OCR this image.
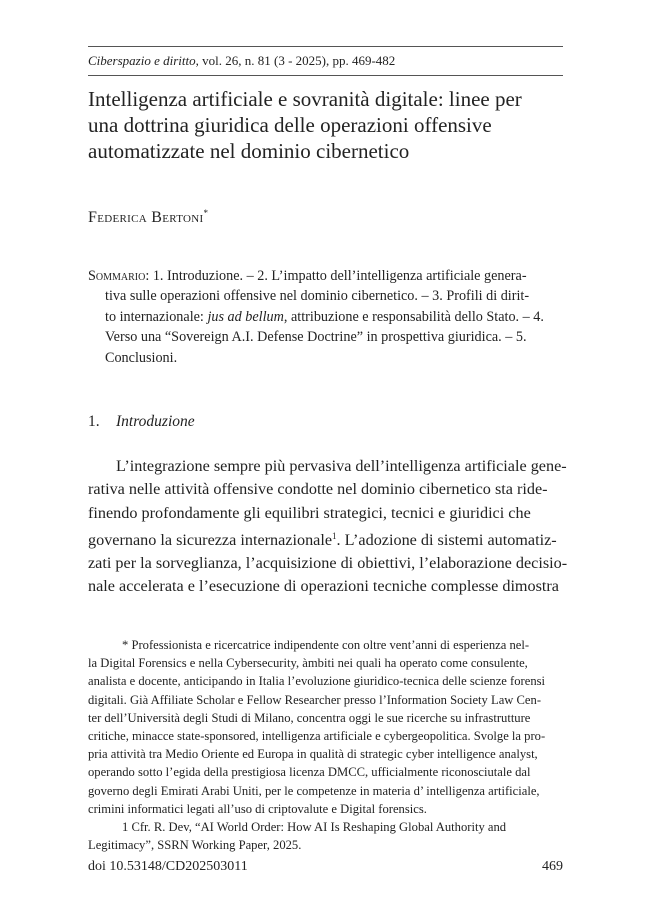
Ciberspazio e diritto, vol. 26, n. 81 (3 - 2025), pp. 469-482
Intelligenza artificiale e sovranità digitale: linee per
una dottrina giuridica delle operazioni offensive
automatizzate nel dominio cibernetico
Federica Bertoni*
Sommario: 1. Introduzione. – 2. L’impatto dell’intelligenza artificiale genera-
tiva sulle operazioni offensive nel dominio cibernetico. – 3. Profili di dirit-
to internazionale: jus ad bellum, attribuzione e responsabilità dello Stato. – 4.
Verso una “Sovereign A.I. Defense Doctrine” in prospettiva giuridica. – 5.
Conclusioni.
1. Introduzione
L’integrazione sempre più pervasiva dell’intelligenza artificiale gene-
rativa nelle attività offensive condotte nel dominio cibernetico sta ride-
finendo profondamente gli equilibri strategici, tecnici e giuridici che
governano la sicurezza internazionale$^1$. L’adozione di sistemi automatiz-
zati per la sorveglianza, l’acquisizione di obiettivi, l’elaborazione decisio-
nale accelerata e l’esecuzione di operazioni tecniche complesse dimostra
* Professionista e ricercatrice indipendente con oltre vent’anni di esperienza nel-
la Digital Forensics e nella Cybersecurity, àmbiti nei quali ha operato come consulente,
analista e docente, anticipando in Italia l’evoluzione giuridico-tecnica delle scienze forensi
digitali. Già Affiliate Scholar e Fellow Researcher presso l’Information Society Law Cen-
ter dell’Università degli Studi di Milano, concentra oggi le sue ricerche su infrastrutture
critiche, minacce state-sponsored, intelligenza artificiale e cybergeopolitica. Svolge la pro-
pria attività tra Medio Oriente ed Europa in qualità di strategic cyber intelligence analyst,
operando sotto l’egida della prestigiosa licenza DMCC, ufficialmente riconosciutale dal
governo degli Emirati Arabi Uniti, per le competenze in materia d’ intelligenza artificiale,
crimini informatici legati all’uso di criptovalute e Digital forensics.
1 Cfr. R. Dev, “AI World Order: How AI Is Reshaping Global Authority and
Legitimacy”, SSRN Working Paper, 2025.
doi 10.53148/CD202503011	469
